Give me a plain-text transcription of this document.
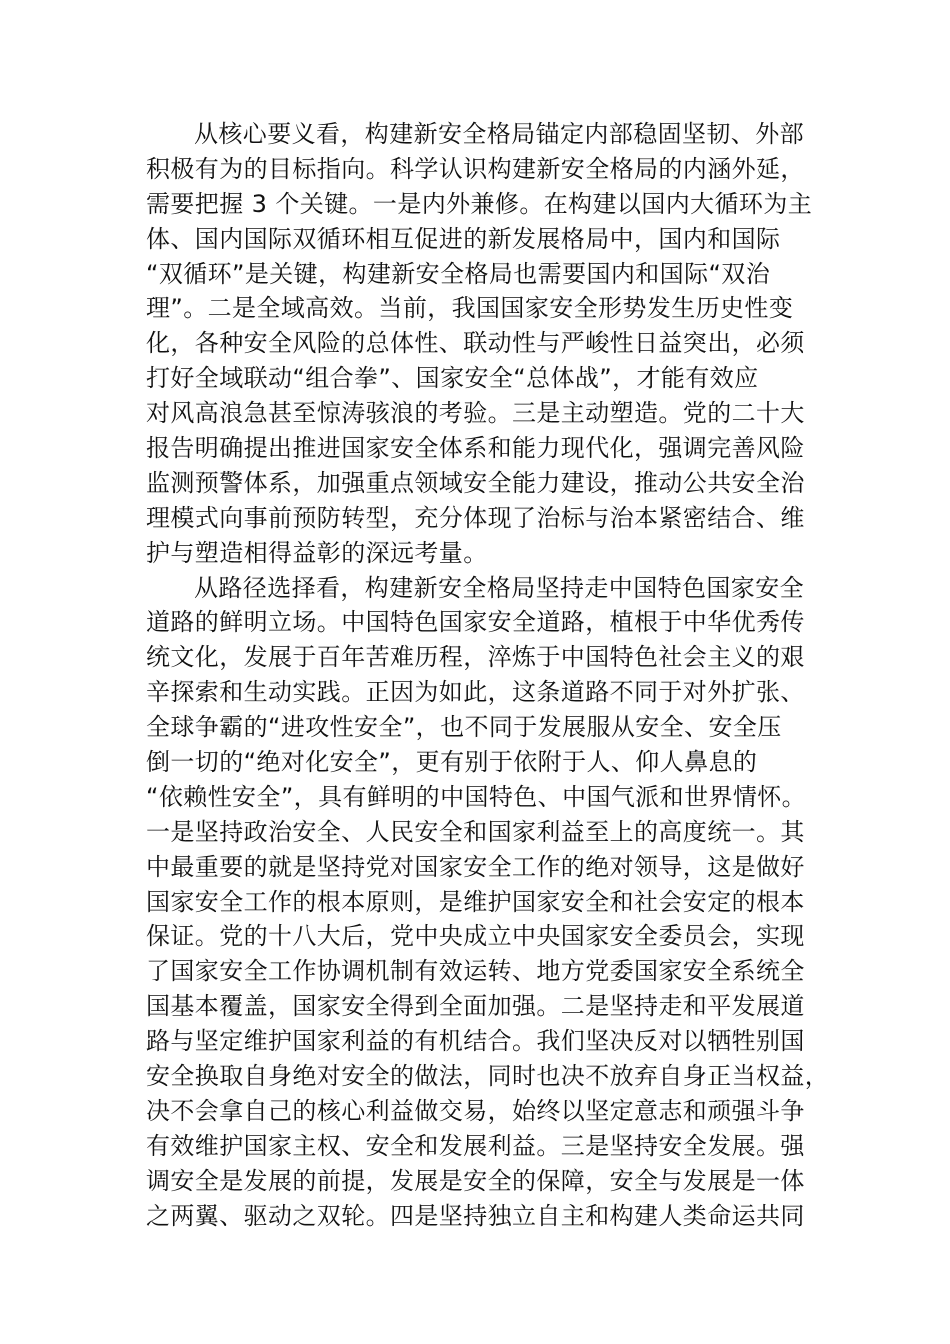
从核心要义看，构建新安全格局锚定内部稳固坚韧、外部
积极有为的目标指向。科学认识构建新安全格局的内涵外延，
需要把握 3 个关键。一是内外兼修。在构建以国内大循环为主
体、国内国际双循环相互促进的新发展格局中，国内和国际
“双循环”是关键，构建新安全格局也需要国内和国际“双治
理”。二是全域高效。当前，我国国家安全形势发生历史性变
化，各种安全风险的总体性、联动性与严峻性日益突出，必须
打好全域联动“组合拳”、国家安全“总体战”，才能有效应
对风高浪急甚至惊涛骇浪的考验。三是主动塑造。党的二十大
报告明确提出推进国家安全体系和能力现代化，强调完善风险
监测预警体系，加强重点领域安全能力建设，推动公共安全治
理模式向事前预防转型，充分体现了治标与治本紧密结合、维
护与塑造相得益彰的深远考量。
从路径选择看，构建新安全格局坚持走中国特色国家安全
道路的鲜明立场。中国特色国家安全道路，植根于中华优秀传
统文化，发展于百年苦难历程，淬炼于中国特色社会主义的艰
辛探索和生动实践。正因为如此，这条道路不同于对外扩张、
全球争霸的“进攻性安全”，也不同于发展服从安全、安全压
倒一切的“绝对化安全”，更有别于依附于人、仰人鼻息的
“依赖性安全”，具有鲜明的中国特色、中国气派和世界情怀。
一是坚持政治安全、人民安全和国家利益至上的高度统一。其
中最重要的就是坚持党对国家安全工作的绝对领导，这是做好
国家安全工作的根本原则，是维护国家安全和社会安定的根本
保证。党的十八大后，党中央成立中央国家安全委员会，实现
了国家安全工作协调机制有效运转、地方党委国家安全系统全
国基本覆盖，国家安全得到全面加强。二是坚持走和平发展道
路与坚定维护国家利益的有机结合。我们坚决反对以牺牲别国
安全换取自身绝对安全的做法，同时也决不放弃自身正当权益，
决不会拿自己的核心利益做交易，始终以坚定意志和顽强斗争
有效维护国家主权、安全和发展利益。三是坚持安全发展。强
调安全是发展的前提，发展是安全的保障，安全与发展是一体
之两翼、驱动之双轮。四是坚持独立自主和构建人类命运共同
